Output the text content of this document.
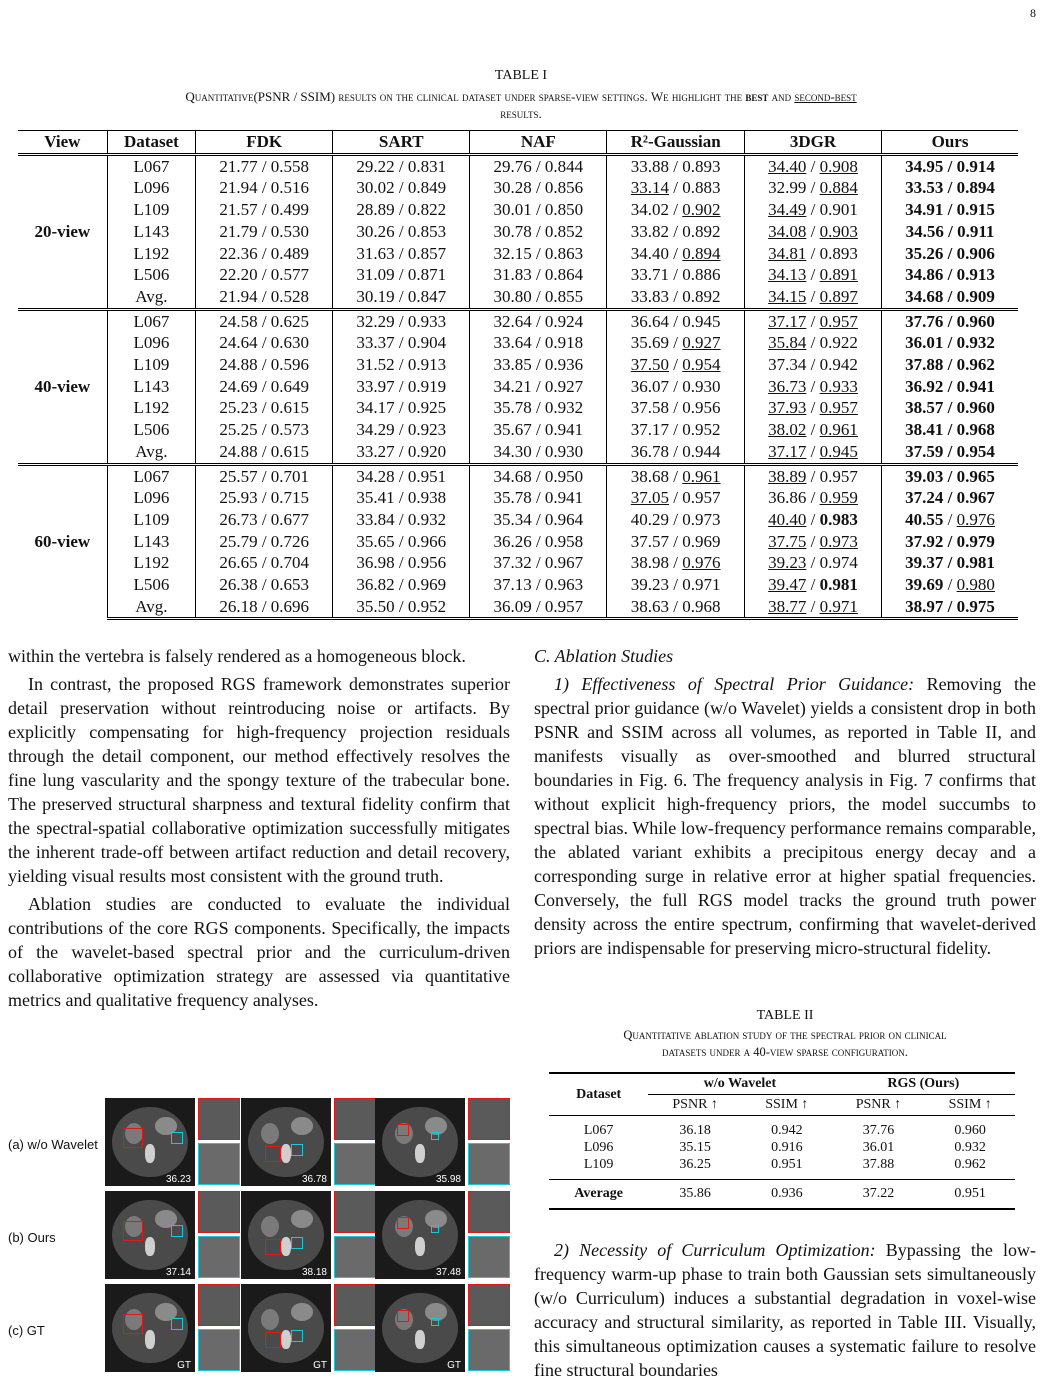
8
TABLE I
Quantitative(PSNR / SSIM) results on the clinical dataset under sparse-view settings. We highlight the best and second-best
results.
View	Dataset	FDK	SART	NAF	R²-Gaussian	3DGR	Ours
20-view	L067	21.77 / 0.558	29.22 / 0.831	29.76 / 0.844	33.88 / 0.893	34.40 / 0.908	34.95 / 0.914
	L096	21.94 / 0.516	30.02 / 0.849	30.28 / 0.856	33.14 / 0.883	32.99 / 0.884	33.53 / 0.894
	L109	21.57 / 0.499	28.89 / 0.822	30.01 / 0.850	34.02 / 0.902	34.49 / 0.901	34.91 / 0.915
	L143	21.79 / 0.530	30.26 / 0.853	30.78 / 0.852	33.82 / 0.892	34.08 / 0.903	34.56 / 0.911
	L192	22.36 / 0.489	31.63 / 0.857	32.15 / 0.863	34.40 / 0.894	34.81 / 0.893	35.26 / 0.906
	L506	22.20 / 0.577	31.09 / 0.871	31.83 / 0.864	33.71 / 0.886	34.13 / 0.891	34.86 / 0.913
	Avg.	21.94 / 0.528	30.19 / 0.847	30.80 / 0.855	33.83 / 0.892	34.15 / 0.897	34.68 / 0.909
40-view	L067	24.58 / 0.625	32.29 / 0.933	32.64 / 0.924	36.64 / 0.945	37.17 / 0.957	37.76 / 0.960
	L096	24.64 / 0.630	33.37 / 0.904	33.64 / 0.918	35.69 / 0.927	35.84 / 0.922	36.01 / 0.932
	L109	24.88 / 0.596	31.52 / 0.913	33.85 / 0.936	37.50 / 0.954	37.34 / 0.942	37.88 / 0.962
	L143	24.69 / 0.649	33.97 / 0.919	34.21 / 0.927	36.07 / 0.930	36.73 / 0.933	36.92 / 0.941
	L192	25.23 / 0.615	34.17 / 0.925	35.78 / 0.932	37.58 / 0.956	37.93 / 0.957	38.57 / 0.960
	L506	25.25 / 0.573	34.29 / 0.923	35.67 / 0.941	37.17 / 0.952	38.02 / 0.961	38.41 / 0.968
	Avg.	24.88 / 0.615	33.27 / 0.920	34.30 / 0.930	36.78 / 0.944	37.17 / 0.945	37.59 / 0.954
60-view	L067	25.57 / 0.701	34.28 / 0.951	34.68 / 0.950	38.68 / 0.961	38.89 / 0.957	39.03 / 0.965
	L096	25.93 / 0.715	35.41 / 0.938	35.78 / 0.941	37.05 / 0.957	36.86 / 0.959	37.24 / 0.967
	L109	26.73 / 0.677	33.84 / 0.932	35.34 / 0.964	40.29 / 0.973	40.40 / 0.983	40.55 / 0.976
	L143	25.79 / 0.726	35.65 / 0.966	36.26 / 0.958	37.57 / 0.969	37.75 / 0.973	37.92 / 0.979
	L192	26.65 / 0.704	36.98 / 0.956	37.32 / 0.967	38.98 / 0.976	39.23 / 0.974	39.37 / 0.981
	L506	26.38 / 0.653	36.82 / 0.969	37.13 / 0.963	39.23 / 0.971	39.47 / 0.981	39.69 / 0.980
	Avg.	26.18 / 0.696	35.50 / 0.952	36.09 / 0.957	38.63 / 0.968	38.77 / 0.971	38.97 / 0.975

within the vertebra is falsely rendered as a homogeneous block.

In contrast, the proposed RGS framework demonstrates superior detail preservation without reintroducing noise or artifacts. By explicitly compensating for high-frequency projection residuals through the detail component, our method effectively resolves the fine lung vascularity and the spongy texture of the trabecular bone. The preserved structural sharpness and textural fidelity confirm that the spectral-spatial collaborative optimization successfully mitigates the inherent trade-off between artifact reduction and detail recovery, yielding visual results most consistent with the ground truth.

Ablation studies are conducted to evaluate the individual contributions of the core RGS components. Specifically, the impacts of the wavelet-based spectral prior and the curriculum-driven collaborative optimization strategy are assessed via quantitative metrics and qualitative frequency analyses.

C. Ablation Studies

1) Effectiveness of Spectral Prior Guidance: Removing the spectral prior guidance (w/o Wavelet) yields a consistent drop in both PSNR and SSIM across all volumes, as reported in Table II, and manifests visually as over-smoothed and blurred structural boundaries in Fig. 6. The frequency analysis in Fig. 7 confirms that without explicit high-frequency priors, the model succumbs to spectral bias. While low-frequency performance remains comparable, the ablated variant exhibits a precipitous energy decay and a corresponding surge in relative error at higher spatial frequencies. Conversely, the full RGS model tracks the ground truth power density across the entire spectrum, confirming that wavelet-derived priors are indispensable for preserving micro-structural fidelity.

TABLE II
Quantitative ablation study of the spectral prior on clinical
datasets under a 40-view sparse configuration.
Dataset	w/o Wavelet		RGS (Ours)	
	PSNR ↑	SSIM ↑	PSNR ↑	SSIM ↑
L067	36.18	0.942	37.76	0.960
L096	35.15	0.916	36.01	0.932
L109	36.25	0.951	37.88	0.962
Average	35.86	0.936	37.22	0.951

2) Necessity of Curriculum Optimization: Bypassing the low-frequency warm-up phase to train both Gaussian sets simultaneously (w/o Curriculum) induces a substantial degradation in voxel-wise accuracy and structural similarity, as reported in Table III. Visually, this simultaneous optimization causes a systematic failure to resolve fine structural boundaries

(a) w/o Wavelet
36.23	36.78	35.98
(b) Ours
37.14	38.18	37.48
(c) GT
GT	GT	GT
